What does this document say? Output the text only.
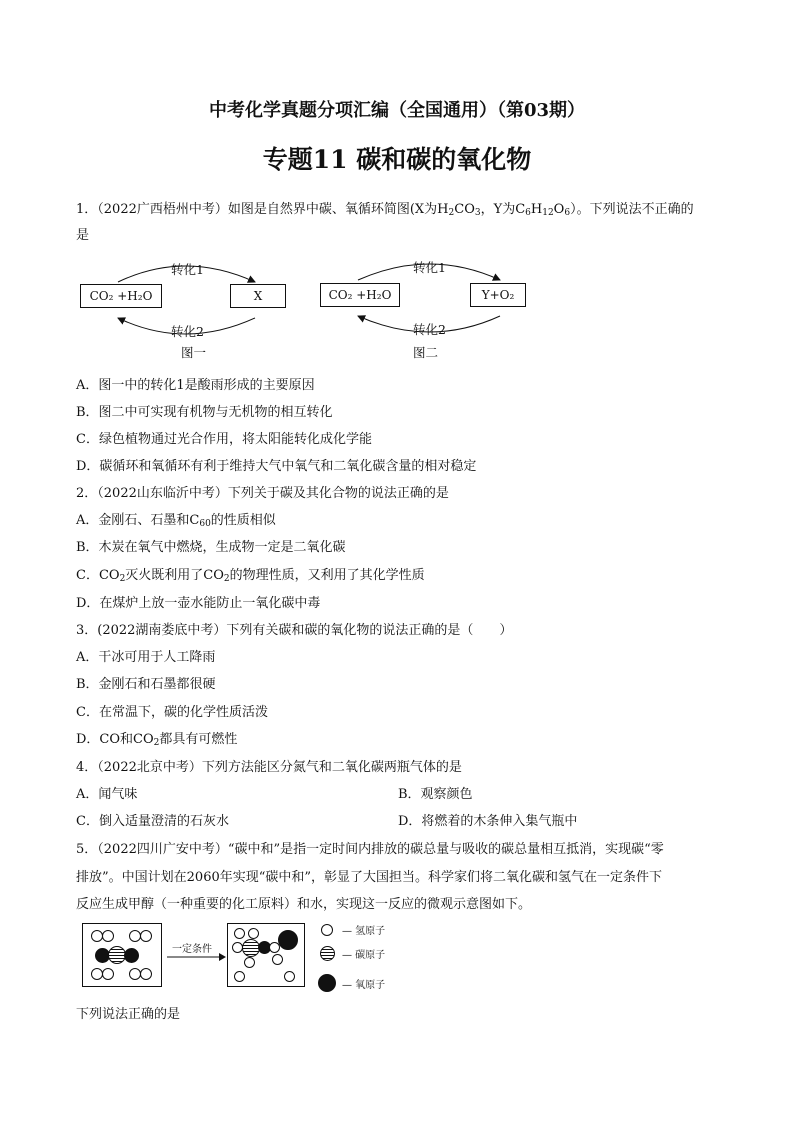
中考化学真题分项汇编（全国通用）（第03期）
专题11 碳和碳的氧化物
1．（2022广西梧州中考）如图是自然界中碳、氧循环简图(X为$H_2CO_3$，Y为$C_6H_{12}O_6$）。下列说法不正确的
是
CO₂ +H₂O	X
转化1
转化2
图一
CO₂ +H₂O	Y+O₂
转化1
转化2
图二
A．图一中的转化1是酸雨形成的主要原因
B．图二中可实现有机物与无机物的相互转化
C．绿色植物通过光合作用，将太阳能转化成化学能
D．碳循环和氧循环有利于维持大气中氧气和二氧化碳含量的相对稳定
2．（2022山东临沂中考）下列关于碳及其化合物的说法正确的是
A．金刚石、石墨和$C_{60}$的性质相似
B．木炭在氧气中燃烧，生成物一定是二氧化碳
C．$CO_2$灭火既利用了$CO_2$的物理性质，又利用了其化学性质
D．在煤炉上放一壶水能防止一氧化碳中毒
3．(2022湖南娄底中考）下列有关碳和碳的氧化物的说法正确的是（　　）
A．干冰可用于人工降雨
B．金刚石和石墨都很硬
C．在常温下，碳的化学性质活泼
D．CO和$CO_2$都具有可燃性
4．（2022北京中考）下列方法能区分氮气和二氧化碳两瓶气体的是
A．闻气味	B．观察颜色
C．倒入适量澄清的石灰水	D．将燃着的木条伸入集气瓶中
5．（2022四川广安中考）“碳中和”是指一定时间内排放的碳总量与吸收的碳总量相互抵消，实现碳“零
排放”。中国计划在2060年实现“碳中和”，彰显了大国担当。科学家们将二氧化碳和氢气在一定条件下
反应生成甲醇（一种重要的化工原料）和水，实现这一反应的微观示意图如下。
一定条件
— 氢原子
— 碳原子
— 氧原子
下列说法正确的是
